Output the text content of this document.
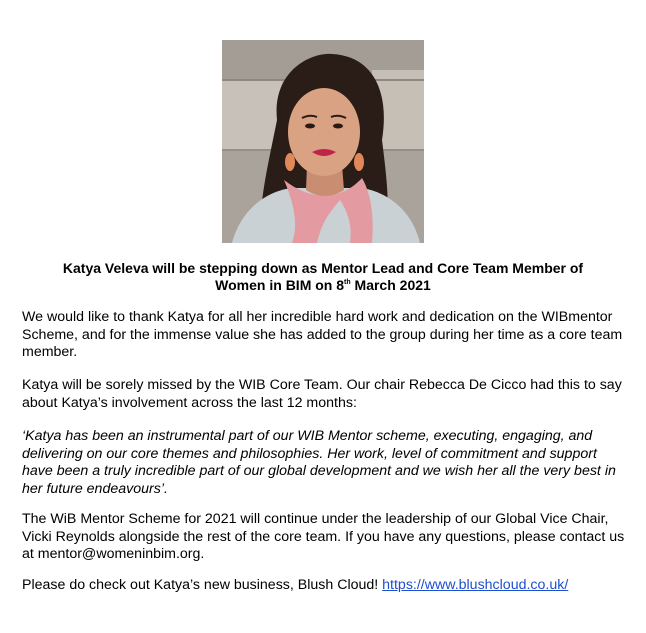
Katya Veleva will be stepping down as Mentor Lead and Core Team Member of
Women in BIM on 8th March 2021

We would like to thank Katya for all her incredible hard work and dedication on the WIBmentor Scheme, and for the immense value she has added to the group during her time as a core team member.

Katya will be sorely missed by the WIB Core Team. Our chair Rebecca De Cicco had this to say about Katya’s involvement across the last 12 months:

‘Katya has been an instrumental part of our WIB Mentor scheme, executing, engaging, and delivering on our core themes and philosophies. Her work, level of commitment and support have been a truly incredible part of our global development and we wish her all the very best in her future endeavours’.

The WiB Mentor Scheme for 2021 will continue under the leadership of our Global Vice Chair, Vicki Reynolds alongside the rest of the core team. If you have any questions, please contact us at mentor@womeninbim.org.

Please do check out Katya’s new business, Blush Cloud! https://www.blushcloud.co.uk/
